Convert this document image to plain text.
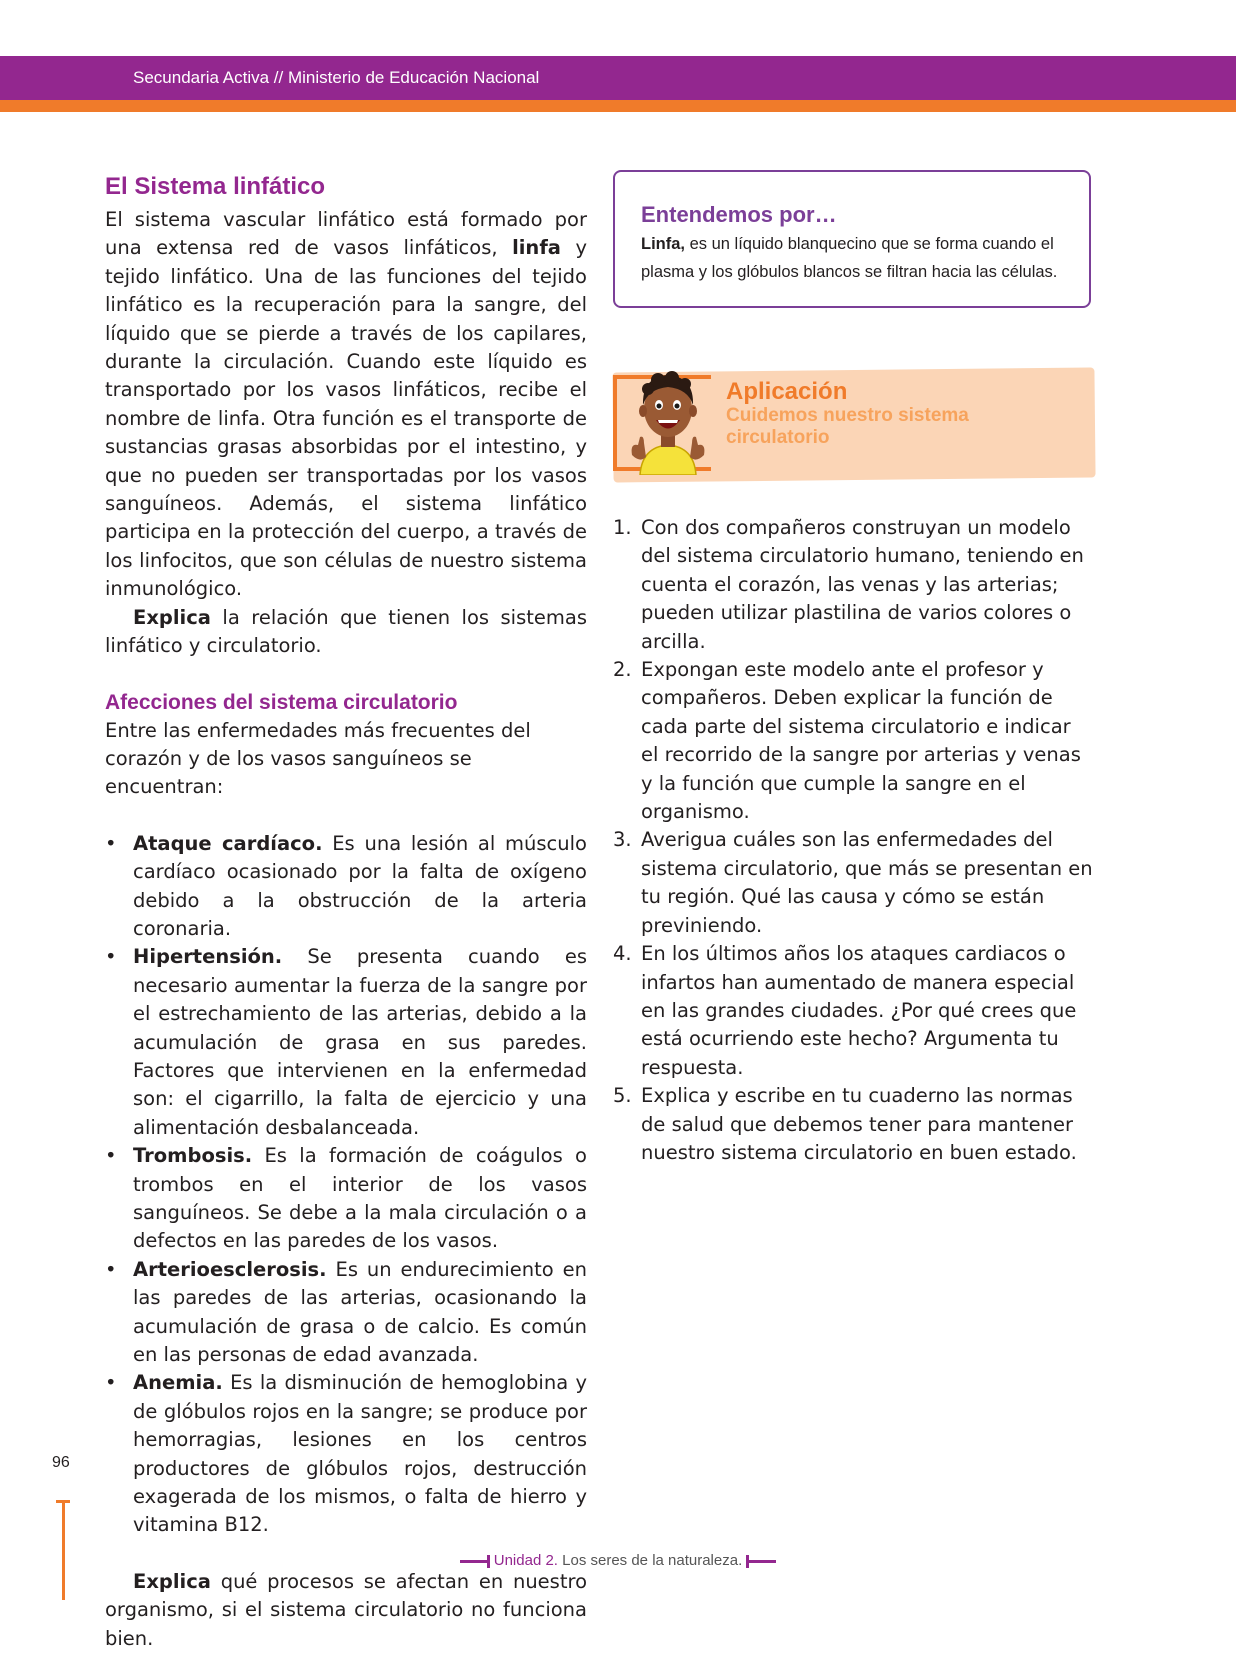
Secundaria Activa // Ministerio de Educación Nacional
El Sistema linfático

El sistema vascular linfático está formado por una extensa red de vasos linfáticos, linfa y tejido linfático. Una de las funciones del tejido linfático es la recuperación para la sangre, del líquido que se pierde a través de los capilares, durante la circulación. Cuando este líquido es transportado por los vasos linfáticos, recibe el nombre de linfa. Otra función es el transporte de sustancias grasas absorbidas por el intestino, y que no pueden ser transportadas por los vasos sanguíneos. Además, el sistema linfático participa en la protección del cuerpo, a través de los linfocitos, que son células de nuestro sistema inmunológico.

Explica la relación que tienen los sistemas linfático y circulatorio.

Afecciones del sistema circulatorio

Entre las enfermedades más frecuentes del corazón y de los vasos sanguíneos se encuentran:

• Ataque cardíaco. Es una lesión al músculo cardíaco ocasionado por la falta de oxígeno debido a la obstrucción de la arteria coronaria.
• Hipertensión. Se presenta cuando es necesario aumentar la fuerza de la sangre por el estrechamiento de las arterias, debido a la acumulación de grasa en sus paredes. Factores que intervienen en la enfermedad son: el cigarrillo, la falta de ejercicio y una alimentación desbalanceada.
• Trombosis. Es la formación de coágulos o trombos en el interior de los vasos sanguíneos. Se debe a la mala circulación o a defectos en las paredes de los vasos.
• Arterioesclerosis. Es un endurecimiento en las paredes de las arterias, ocasionando la acumulación de grasa o de calcio. Es común en las personas de edad avanzada.
• Anemia. Es la disminución de hemoglobina y de glóbulos rojos en la sangre; se produce por hemorragias, lesiones en los centros productores de glóbulos rojos, destrucción exagerada de los mismos, o falta de hierro y vitamina B12.

Explica qué procesos se afectan en nuestro organismo, si el sistema circulatorio no funciona bien.

Entendemos por…

Linfa, es un líquido blanquecino que se forma cuando el plasma y los glóbulos blancos se filtran hacia las células.

Aplicación
Cuidemos nuestro sistema circulatorio
1. Con dos compañeros construyan un modelo del sistema circulatorio humano, teniendo en cuenta el corazón, las venas y las arterias; pueden utilizar plastilina de varios colores o arcilla.
2. Expongan este modelo ante el profesor y compañeros. Deben explicar la función de cada parte del sistema circulatorio e indicar el recorrido de la sangre por arterias y venas y la función que cumple la sangre en el organismo.
3. Averigua cuáles son las enfermedades del sistema circulatorio, que más se presentan en tu región. Qué las causa y cómo se están previniendo.
4. En los últimos años los ataques cardiacos o infartos han aumentado de manera especial en las grandes ciudades. ¿Por qué crees que está ocurriendo este hecho? Argumenta tu respuesta.
5. Explica y escribe en tu cuaderno las normas de salud que debemos tener para mantener nuestro sistema circulatorio en buen estado.
96
Unidad 2. Los seres de la naturaleza.
